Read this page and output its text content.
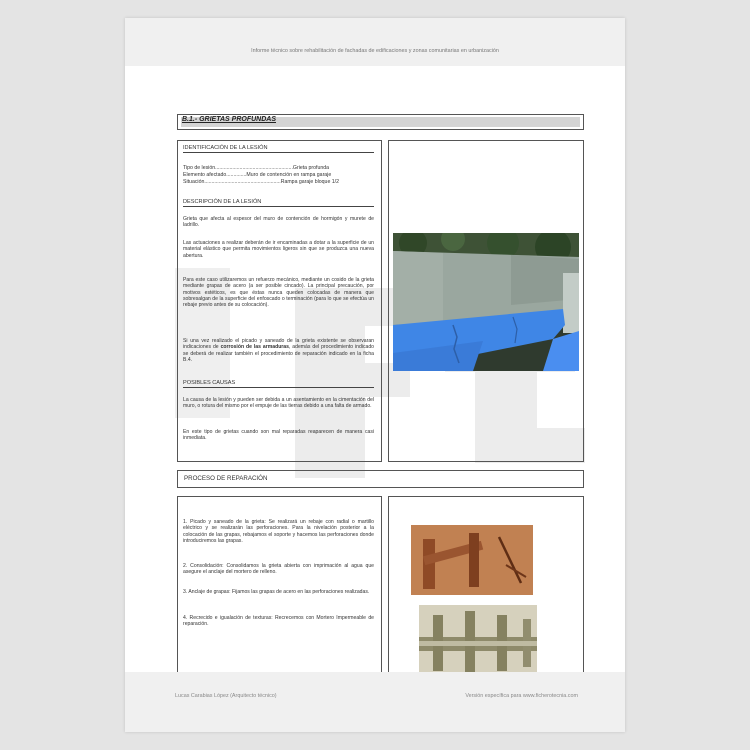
Informe técnico sobre rehabilitación de fachadas de edificaciones y zonas comunitarias en urbanización
B.1.- GRIETAS PROFUNDAS
IDENTIFICACIÓN DE LA LESIÓN
Tipo de lesión......................................................Grieta profunda
Elemento afectado..............Muro de contención en rampa garaje
Situación.....................................................Rampa garaje bloque 1/2
DESCRIPCIÓN DE LA LESIÓN

Grieta que afecta al espesor del muro de contención de hormigón y murete de ladrillo.

Las actuaciones a realizar deberán de ir encaminadas a dotar a la superficie de un material elástico que permita movimientos ligeros sin que se produzca una nueva abertura.

Para este caso utilizaremos un refuerzo mecánico, mediante un cosido de la grieta mediante grapas de acero (a ser posible cincado). La principal precaución, por motivos estéticos, es que éstas nunca queden colocadas de manera que sobresalgan de la superficie del enfoscado o terminación (para lo que se efectúa un rebaje previo antes de su colocación).

Si una vez realizado el picado y saneado de la grieta existente se observaran indicaciones de corrosión de las armaduras, además del procedimiento indicado se deberá de realizar también el procedimiento de reparación indicado en la ficha B.4.

POSIBLES CAUSAS

La causa de la lesión y pueden ser debida a un asentamiento en la cimentación del muro, o rotura del mismo por el empuje de las tierras debido a una falta de armado.

En este tipo de grietas cuando son mal reparadas reaparecen de manera casi inmediata.

PROCESO DE REPARACIÓN

1. Picado y saneado de la grieta: Se realizará un rebaje con radial o martillo eléctrico y se realizarán las perforaciones. Para la nivelación posterior a la colocación de las grapas, rebajamos el soporte y hacemos las perforaciones donde introduciremos las grapas.

2. Consolidación: Consolidamos la grieta abierta con imprimación al agua que asegure el anclaje del mortero de relleno.

3. Anclaje de grapas: Fijamos las grapas de acero en las perforaciones realizadas.

4. Recrecido e igualación de texturas: Recrecemos con Mortero Impermeable de reparación.

Lucas Carabias López (Arquitecto técnico)	Versión específica para www.ficherotecnia.com
